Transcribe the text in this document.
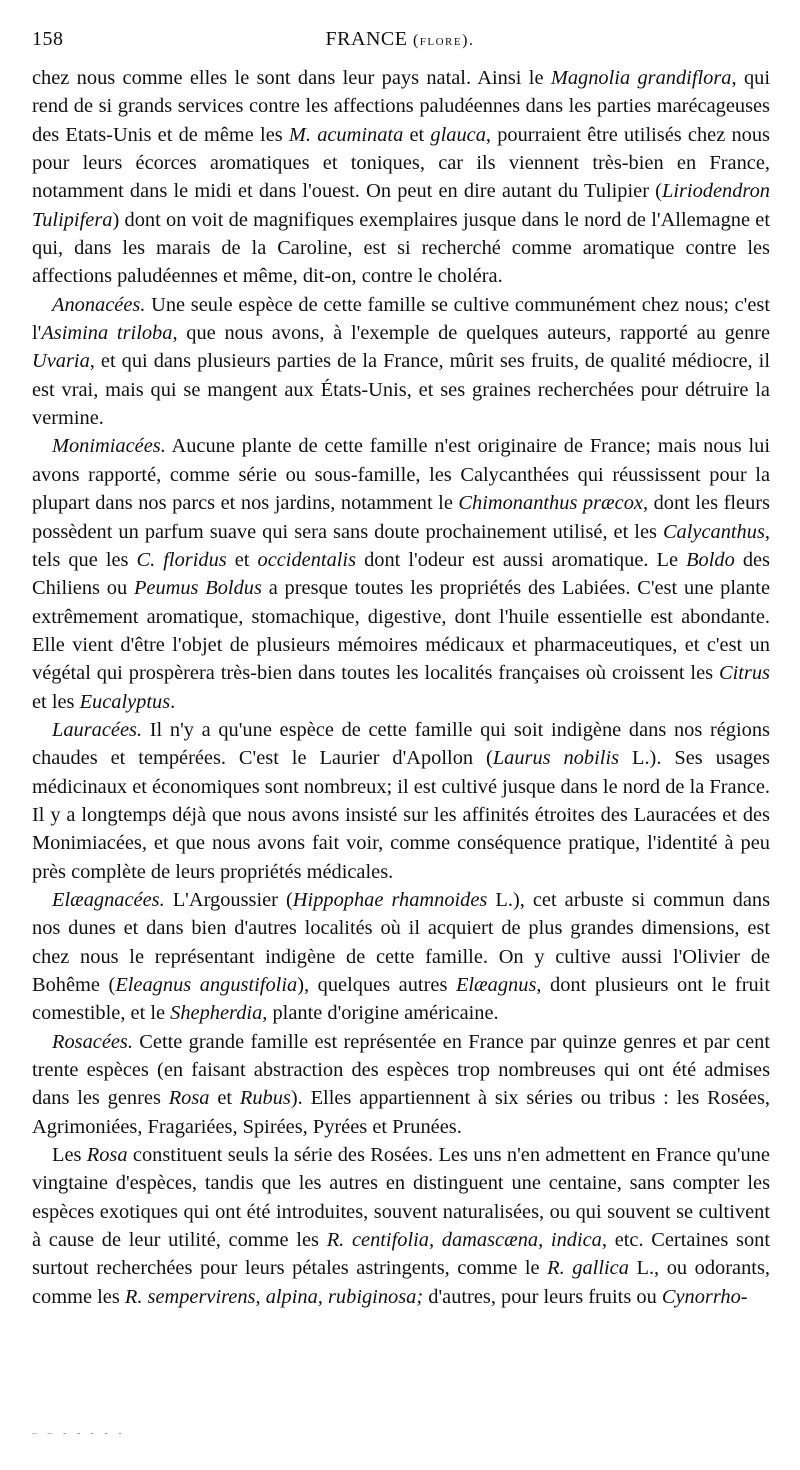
158	FRANCE (flore).

chez nous comme elles le sont dans leur pays natal. Ainsi le Magnolia grandiflora, qui rend de si grands services contre les affections paludéennes dans les parties marécageuses des Etats-Unis et de même les M. acuminata et glauca, pourraient être utilisés chez nous pour leurs écorces aromatiques et toniques, car ils viennent très-bien en France, notamment dans le midi et dans l'ouest. On peut en dire autant du Tulipier (Liriodendron Tulipifera) dont on voit de magnifiques exemplaires jusque dans le nord de l'Allemagne et qui, dans les marais de la Caroline, est si recherché comme aromatique contre les affections paludéennes et même, dit-on, contre le choléra.

Anonacées. Une seule espèce de cette famille se cultive communément chez nous; c'est l'Asimina triloba, que nous avons, à l'exemple de quelques auteurs, rapporté au genre Uvaria, et qui dans plusieurs parties de la France, mûrit ses fruits, de qualité médiocre, il est vrai, mais qui se mangent aux États-Unis, et ses graines recherchées pour détruire la vermine.

Monimiacées. Aucune plante de cette famille n'est originaire de France; mais nous lui avons rapporté, comme série ou sous-famille, les Calycanthées qui réussissent pour la plupart dans nos parcs et nos jardins, notamment le Chimonanthus præcox, dont les fleurs possèdent un parfum suave qui sera sans doute prochainement utilisé, et les Calycanthus, tels que les C. floridus et occidentalis dont l'odeur est aussi aromatique. Le Boldo des Chiliens ou Peumus Boldus a presque toutes les propriétés des Labiées. C'est une plante extrêmement aromatique, stomachique, digestive, dont l'huile essentielle est abondante. Elle vient d'être l'objet de plusieurs mémoires médicaux et pharmaceutiques, et c'est un végétal qui prospèrera très-bien dans toutes les localités françaises où croissent les Citrus et les Eucalyptus.

Lauracées. Il n'y a qu'une espèce de cette famille qui soit indigène dans nos régions chaudes et tempérées. C'est le Laurier d'Apollon (Laurus nobilis L.). Ses usages médicinaux et économiques sont nombreux; il est cultivé jusque dans le nord de la France. Il y a longtemps déjà que nous avons insisté sur les affinités étroites des Lauracées et des Monimiacées, et que nous avons fait voir, comme conséquence pratique, l'identité à peu près complète de leurs propriétés médicales.

Elæagnacées. L'Argoussier (Hippophae rhamnoides L.), cet arbuste si commun dans nos dunes et dans bien d'autres localités où il acquiert de plus grandes dimensions, est chez nous le représentant indigène de cette famille. On y cultive aussi l'Olivier de Bohême (Eleagnus angustifolia), quelques autres Elæagnus, dont plusieurs ont le fruit comestible, et le Shepherdia, plante d'origine américaine.

Rosacées. Cette grande famille est représentée en France par quinze genres et par cent trente espèces (en faisant abstraction des espèces trop nombreuses qui ont été admises dans les genres Rosa et Rubus). Elles appartiennent à six séries ou tribus : les Rosées, Agrimoniées, Fragariées, Spirées, Pyrées et Prunées.

Les Rosa constituent seuls la série des Rosées. Les uns n'en admettent en France qu'une vingtaine d'espèces, tandis que les autres en distinguent une centaine, sans compter les espèces exotiques qui ont été introduites, souvent naturalisées, ou qui souvent se cultivent à cause de leur utilité, comme les R. centifolia, damascæna, indica, etc. Certaines sont surtout recherchées pour leurs pétales astringents, comme le R. gallica L., ou odorants, comme les R. sempervirens, alpina, rubiginosa; d'autres, pour leurs fruits ou Cynorrho-

– – - - - - -
